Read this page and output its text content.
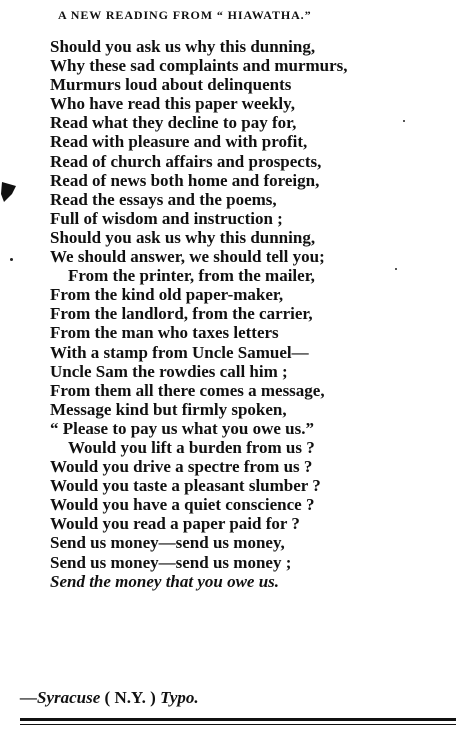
A NEW READING FROM “ HIAWATHA.”
Should you ask us why this dunning,
Why these sad complaints and murmurs,
Murmurs loud about delinquents
Who have read this paper weekly,
Read what they decline to pay for,
Read with pleasure and with profit,
Read of church affairs and prospects,
Read of news both home and foreign,
Read the essays and the poems,
Full of wisdom and instruction ;
Should you ask us why this dunning,
We should answer, we should tell you;
From the printer, from the mailer,
From the kind old paper-maker,
From the landlord, from the carrier,
From the man who taxes letters
With a stamp from Uncle Samuel—
Uncle Sam the rowdies call him ;
From them all there comes a message,
Message kind but firmly spoken,
“ Please to pay us what you owe us.”
Would you lift a burden from us ?
Would you drive a spectre from us ?
Would you taste a pleasant slumber ?
Would you have a quiet conscience ?
Would you read a paper paid for ?
Send us money—send us money,
Send us money—send us money ;
Send the money that you owe us.
—Syracuse ( N.Y. ) Typo.
